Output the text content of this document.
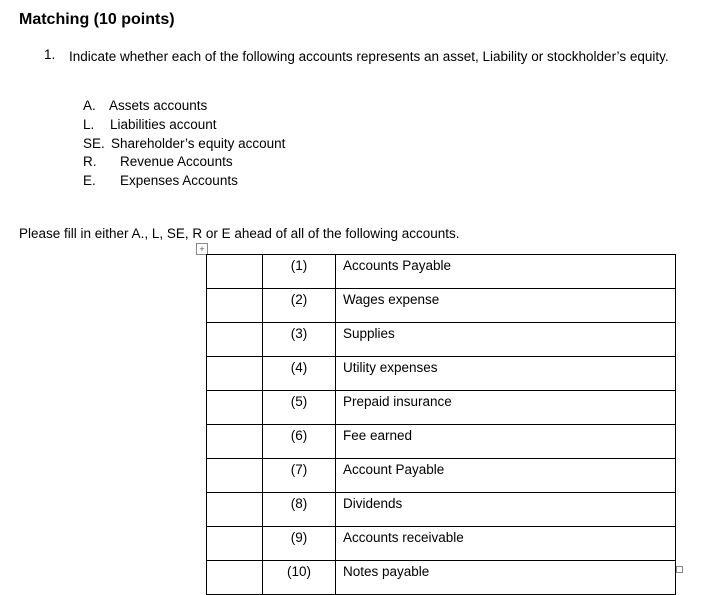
Matching (10 points)
1. Indicate whether each of the following accounts represents an asset, Liability or stockholder’s equity.
A. Assets accounts
L. Liabilities account
SE. Shareholder’s equity account
R. Revenue Accounts
E. Expenses Accounts
Please fill in either A., L, SE, R or E ahead of all of the following accounts.
+
	(1)	Accounts Payable
	(2)	Wages expense
	(3)	Supplies
	(4)	Utility expenses
	(5)	Prepaid insurance
	(6)	Fee earned
	(7)	Account Payable
	(8)	Dividends
	(9)	Accounts receivable
	(10)	Notes payable
